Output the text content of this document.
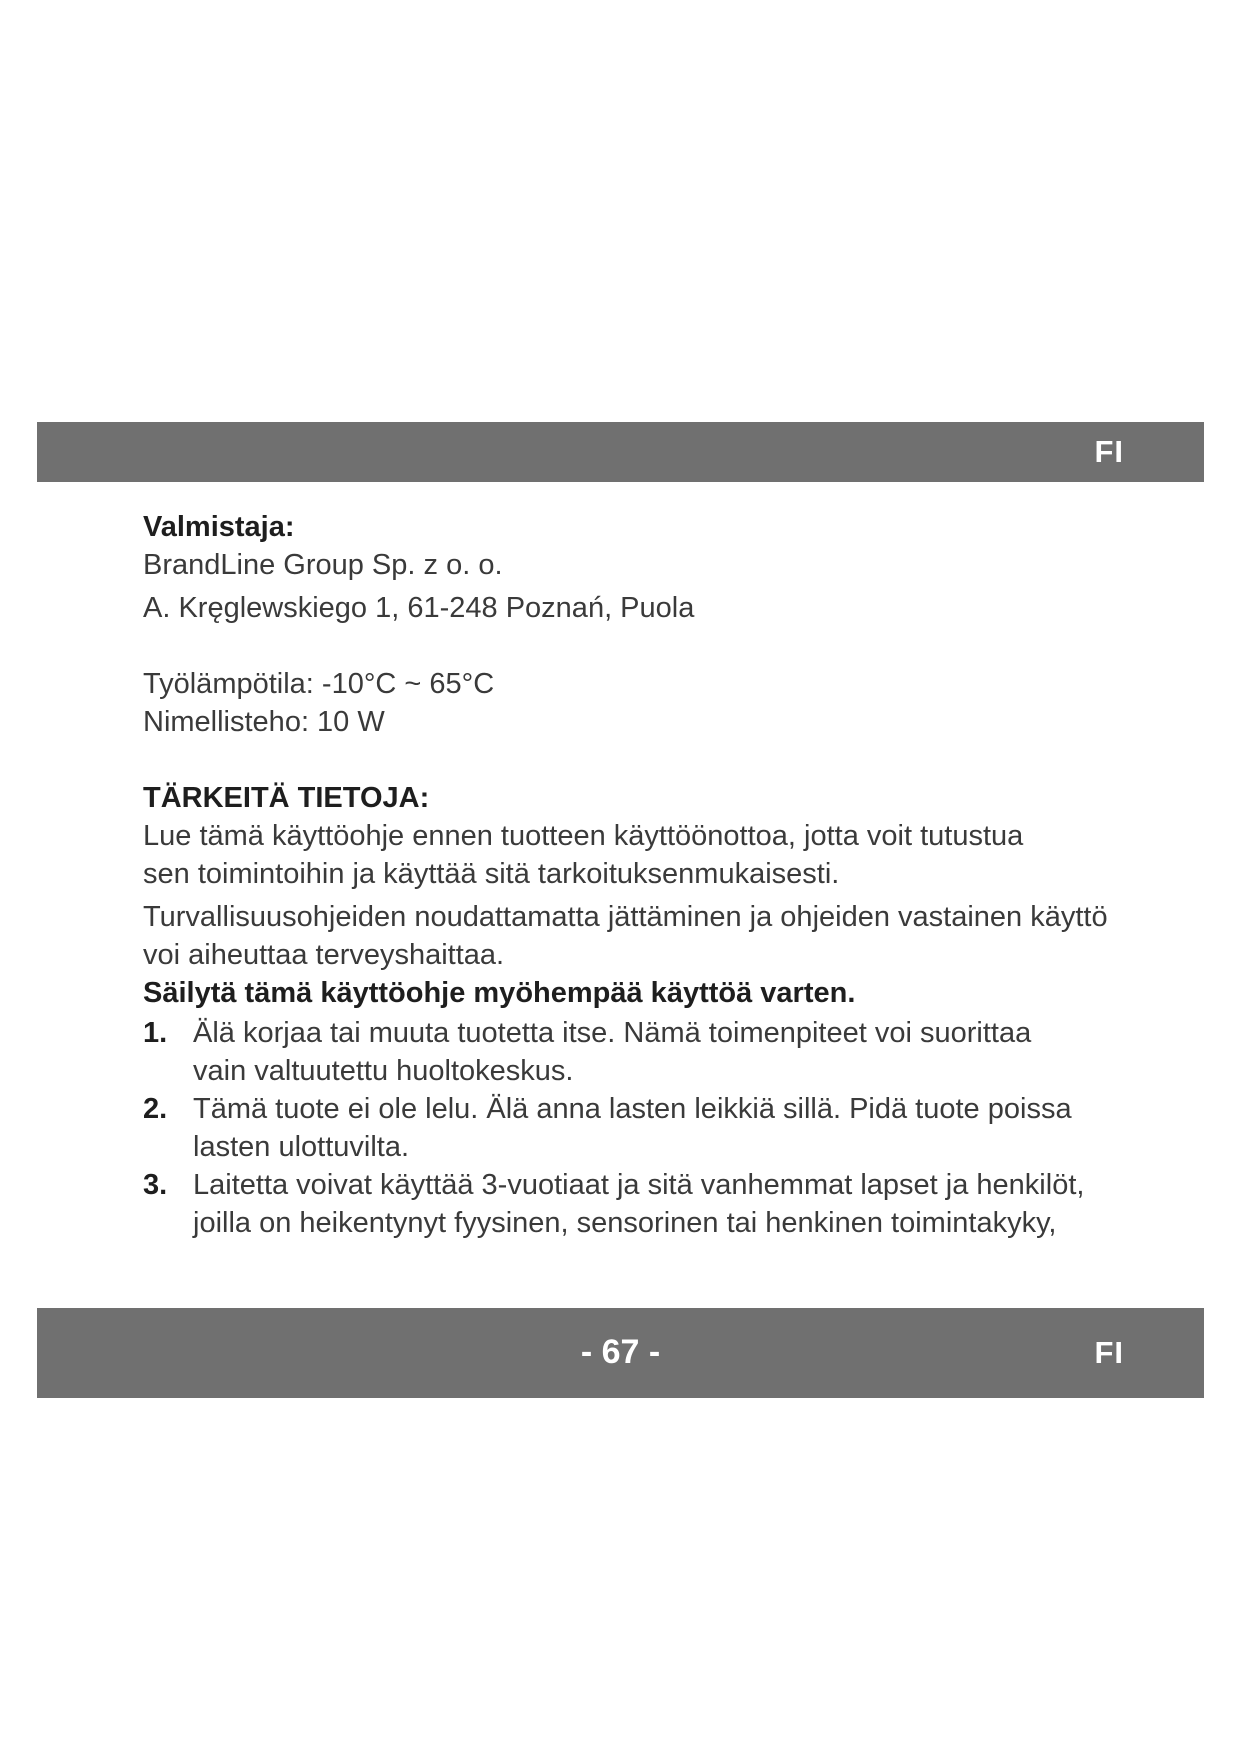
FI
Valmistaja:
BrandLine Group Sp. z o. o.
A. Kręglewskiego 1, 61-248 Poznań, Puola
Työlämpötila: -10°C ~ 65°C
Nimellisteho: 10 W
TÄRKEITÄ TIETOJA:
Lue tämä käyttöohje ennen tuotteen käyttöönottoa, jotta voit tutustua
sen toimintoihin ja käyttää sitä tarkoituksenmukaisesti.
Turvallisuusohjeiden noudattamatta jättäminen ja ohjeiden vastainen käyttö
voi aiheuttaa terveyshaittaa.
Säilytä tämä käyttöohje myöhempää käyttöä varten.
1. Älä korjaa tai muuta tuotetta itse. Nämä toimenpiteet voi suorittaa
vain valtuutettu huoltokeskus.
2. Tämä tuote ei ole lelu. Älä anna lasten leikkiä sillä. Pidä tuote poissa
lasten ulottuvilta.
3. Laitetta voivat käyttää 3-vuotiaat ja sitä vanhemmat lapset ja henkilöt,
joilla on heikentynyt fyysinen, sensorinen tai henkinen toimintakyky,
- 67 -	FI
